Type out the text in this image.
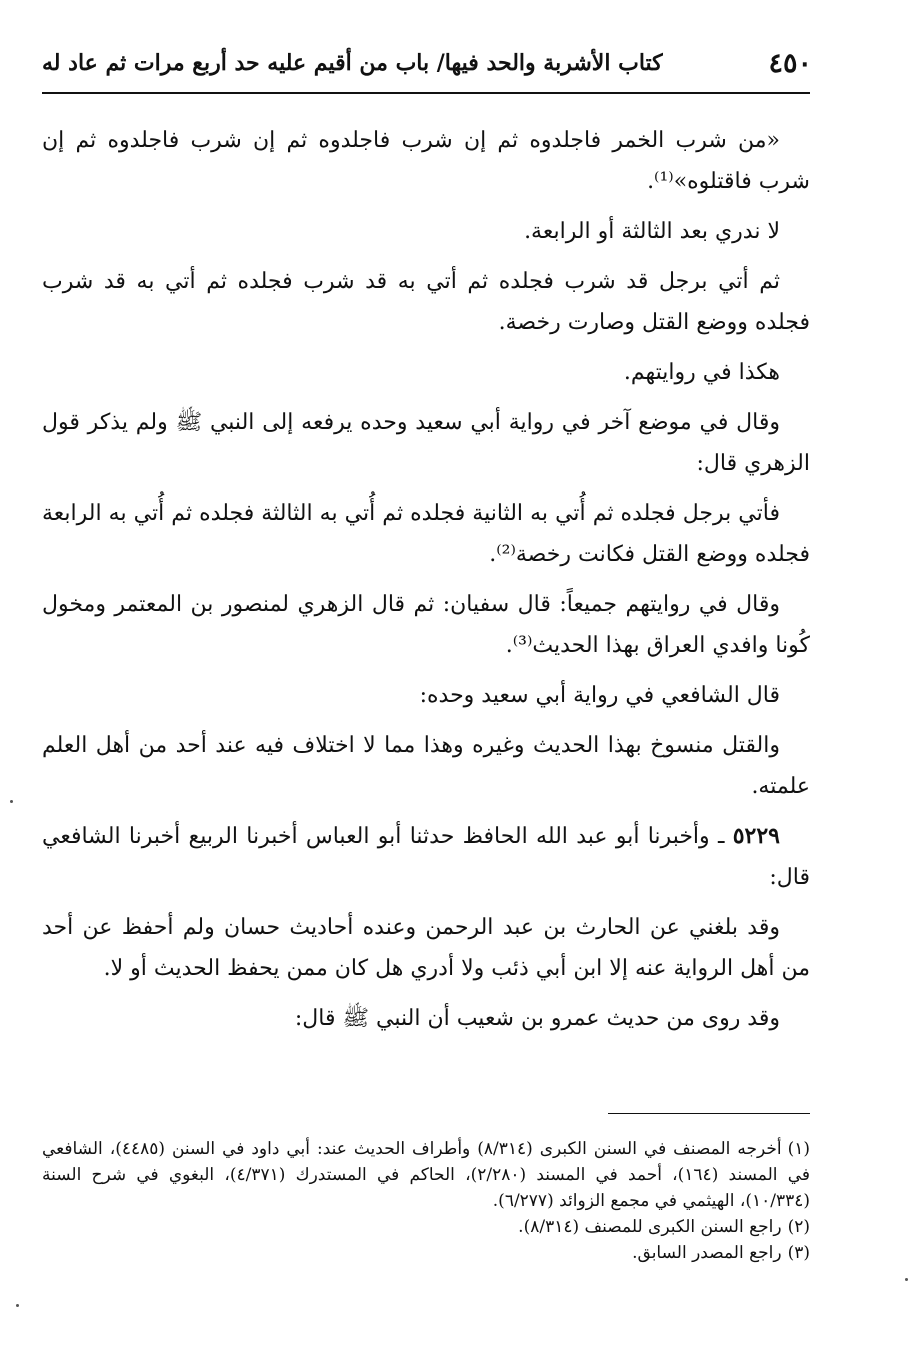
٤٥٠
كتاب الأشربة والحد فيها/ باب من أقيم عليه حد أربع مرات ثم عاد له

«من شرب الخمر فاجلدوه ثم إن شرب فاجلدوه ثم إن شرب فاجلدوه ثم إن شرب فاقتلوه»⁽¹⁾.

لا ندري بعد الثالثة أو الرابعة.

ثم أتي برجل قد شرب فجلده ثم أتي به قد شرب فجلده ثم أتي به قد شرب فجلده ووضع القتل وصارت رخصة.

هكذا في روايتهم.

وقال في موضع آخر في رواية أبي سعيد وحده يرفعه إلى النبي ﷺ ولم يذكر قول الزهري قال:

فأتي برجل فجلده ثم أُتي به الثانية فجلده ثم أُتي به الثالثة فجلده ثم أُتي به الرابعة فجلده ووضع القتل فكانت رخصة⁽²⁾.

وقال في روايتهم جميعاً: قال سفيان: ثم قال الزهري لمنصور بن المعتمر ومخول كُونا وافدي العراق بهذا الحديث⁽³⁾.

قال الشافعي في رواية أبي سعيد وحده:

والقتل منسوخ بهذا الحديث وغيره وهذا مما لا اختلاف فيه عند أحد من أهل العلم علمته.

٥٢٢٩ ـ وأخبرنا أبو عبد الله الحافظ حدثنا أبو العباس أخبرنا الربيع أخبرنا الشافعي قال:

وقد بلغني عن الحارث بن عبد الرحمن وعنده أحاديث حسان ولم أحفظ عن أحد من أهل الرواية عنه إلا ابن أبي ذئب ولا أدري هل كان ممن يحفظ الحديث أو لا.

وقد روى من حديث عمرو بن شعيب أن النبي ﷺ قال:

(١)أخرجه المصنف في السنن الكبرى (٨/٣١٤) وأطراف الحديث عند: أبي داود في السنن (٤٤٨٥)، الشافعي في المسند (١٦٤)، أحمد في المسند (٢/٢٨٠)، الحاكم في المستدرك (٤/٣٧١)، البغوي في شرح السنة (١٠/٣٣٤)، الهيثمي في مجمع الزوائد (٦/٢٧٧).

(٢)راجع السنن الكبرى للمصنف (٨/٣١٤).

(٣)راجع المصدر السابق.
